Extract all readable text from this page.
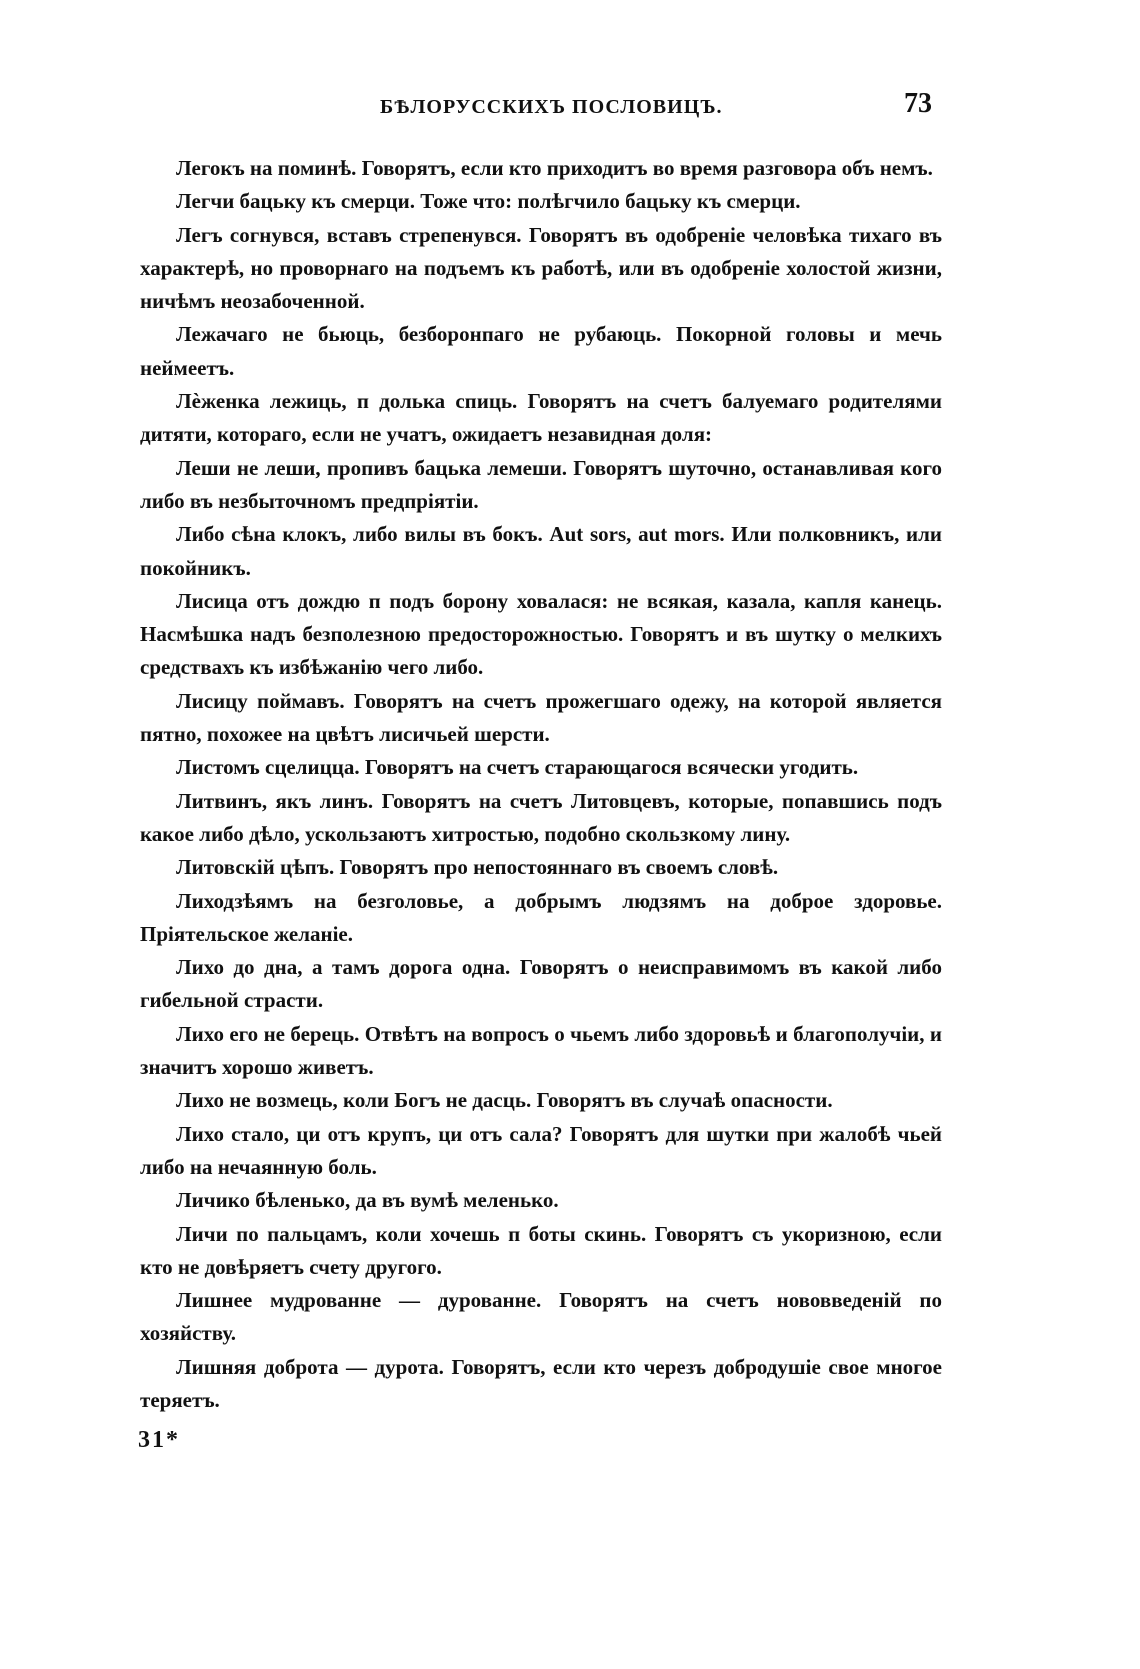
БѢЛОРУССКИХЪ ПОСЛОВИЦЪ.	73

Легокъ на поминѣ. Говорятъ, если кто приходитъ во время разговора объ немъ.

Легчи бацьку къ смерци. Тоже что: полѣгчило бацьку къ смерци.

Легъ согнувся, вставъ стрепенувся. Говорятъ въ одобреніе человѣка тихаго въ характерѣ, но проворнаго на подъемъ къ работѣ, или въ одобреніе холостой жизни, ничѣмъ неозабоченной.

Лежачаго не бьюць, безборонпаго не рубаюць. Покорной головы и мечь неймеетъ.

Лѐженка лежиць, п долька спиць. Говорятъ на счетъ балуемаго родителями дитяти, котораго, если не учатъ, ожидаетъ незавидная доля:

Леши не леши, пропивъ бацька лемеши. Говорятъ шуточно, останавливая кого либо въ незбыточномъ предпріятіи.

Либо сѣна клокъ, либо вилы въ бокъ. Aut sors, aut mors. Или полковникъ, или покойникъ.

Лисица отъ дождю п подъ борону ховалася: не всякая, казала, капля канець. Насмѣшка надъ безполезною предосторожностью. Говорятъ и въ шутку о мелкихъ средствахъ къ избѣжанію чего либо.

Лисицу поймавъ. Говорятъ на счетъ прожегшаго одежу, на которой является пятно, похожее на цвѣтъ лисичьей шерсти.

Листомъ сцелицца. Говорятъ на счетъ старающагося всячески угодить.

Литвинъ, якъ линъ. Говорятъ на счетъ Литовцевъ, которые, попавшись подъ какое либо дѣло, ускользаютъ хитростью, подобно скользкому лину.

Литовскій цѣпъ. Говорятъ про непостояннаго въ своемъ словѣ.

Лиходзѣямъ на безголовье, а добрымъ людзямъ на доброе здоровье. Пріятельское желаніе.

Лихо до дна, а тамъ дорога одна. Говорятъ о неисправимомъ въ какой либо гибельной страсти.

Лихо его не берець. Отвѣтъ на вопросъ о чьемъ либо здоровьѣ и благополучіи, и значитъ хорошо живетъ.

Лихо не возмець, коли Богъ не дасць. Говорятъ въ случаѣ опасности.

Лихо стало, ци отъ крупъ, ци отъ сала? Говорятъ для шутки при жалобѣ чьей либо на нечаянную боль.

Личико бѣленько, да въ вумѣ меленько.

Личи по пальцамъ, коли хочешь п боты скинь. Говорятъ съ укоризною, если кто не довѣряетъ счету другого.

Лишнее мудрованне — дурованне. Говорятъ на счетъ нововведеній по хозяйству.

Лишняя доброта — дурота. Говорятъ, если кто черезъ добродушіе свое многое теряетъ.

31*
